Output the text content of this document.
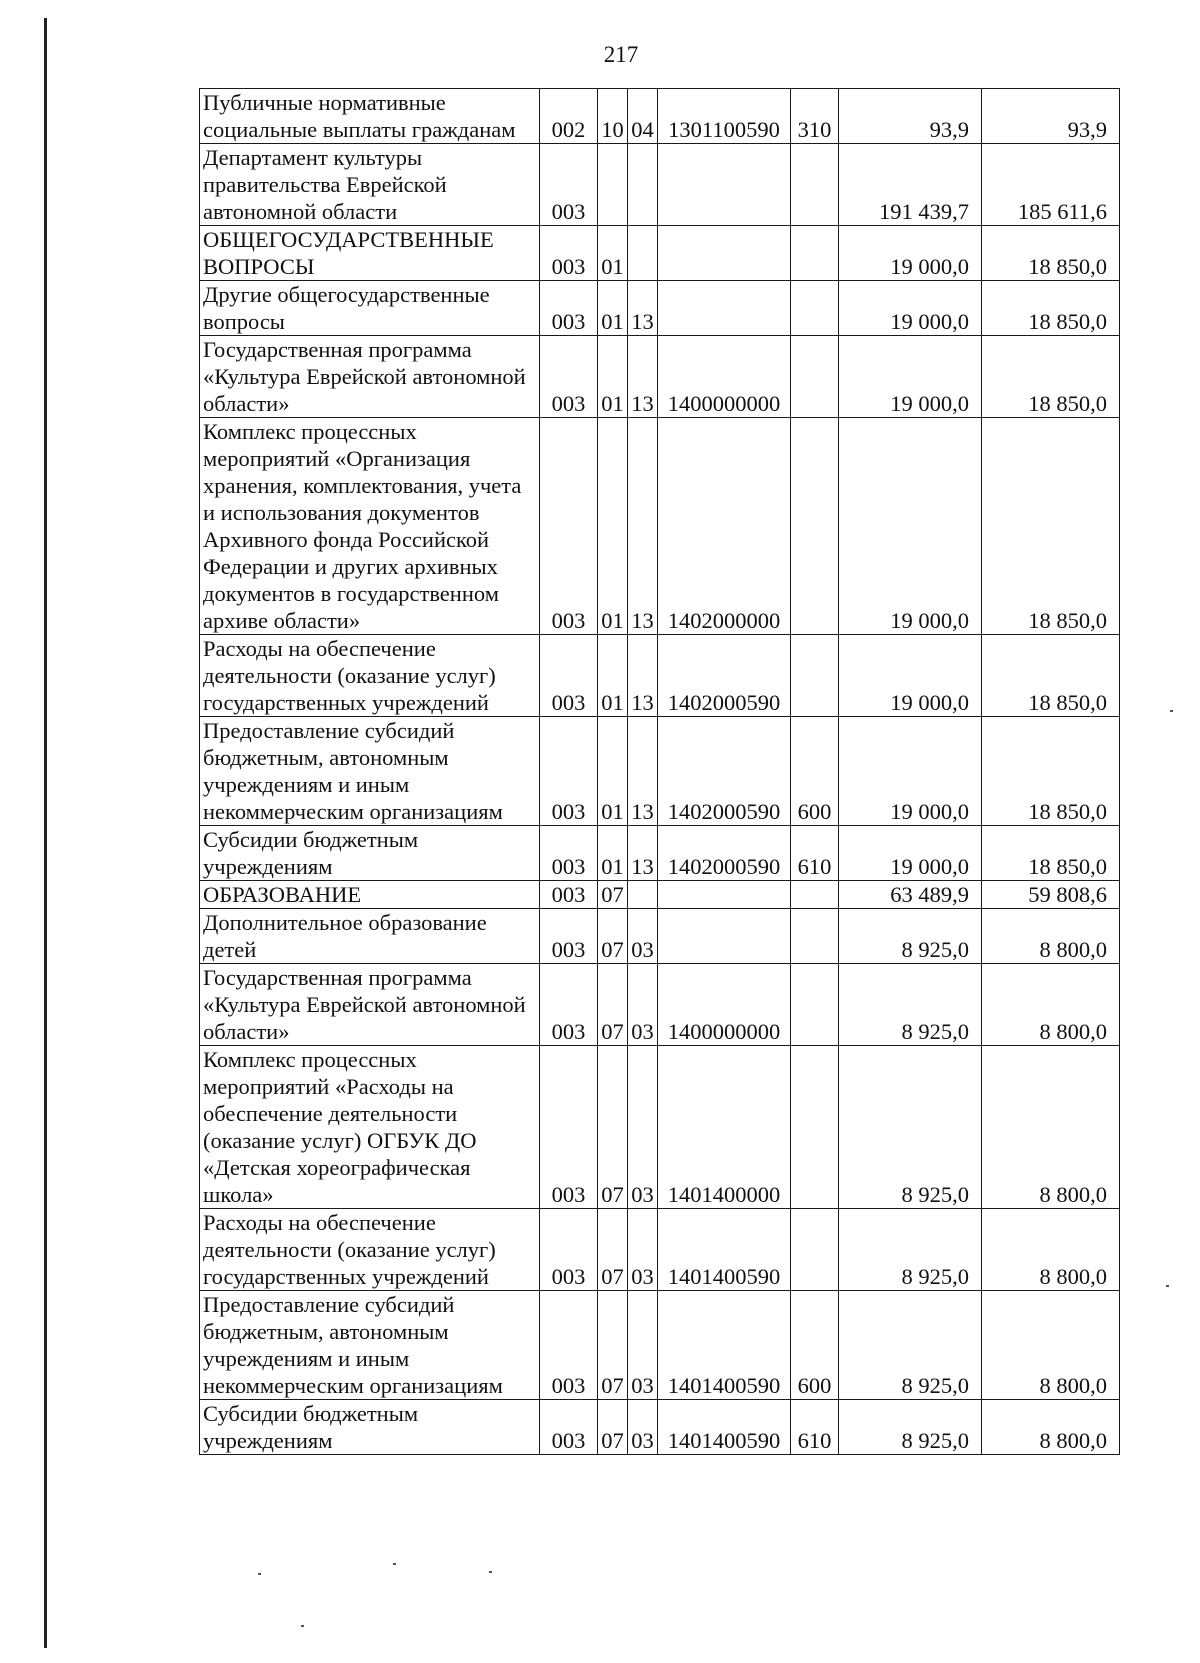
217
Публичные нормативные социальные выплаты гражданам	002	10	04	1301100590	310	93,9	93,9
Департамент культуры правительства Еврейской автономной области	003					191 439,7	185 611,6
ОБЩЕГОСУДАРСТВЕННЫЕ ВОПРОСЫ	003	01				19 000,0	18 850,0
Другие общегосударственные вопросы	003	01	13			19 000,0	18 850,0
Государственная программа «Культура Еврейской автономной области»	003	01	13	1400000000		19 000,0	18 850,0
Комплекс процессных мероприятий «Организация хранения, комплектования, учета и использования документов Архивного фонда Российской Федерации и других архивных документов в государственном архиве области»	003	01	13	1402000000		19 000,0	18 850,0
Расходы на обеспечение деятельности (оказание услуг) государственных учреждений	003	01	13	1402000590		19 000,0	18 850,0
Предоставление субсидий бюджетным, автономным учреждениям и иным некоммерческим организациям	003	01	13	1402000590	600	19 000,0	18 850,0
Субсидии бюджетным учреждениям	003	01	13	1402000590	610	19 000,0	18 850,0
ОБРАЗОВАНИЕ	003	07				63 489,9	59 808,6
Дополнительное образование детей	003	07	03			8 925,0	8 800,0
Государственная программа «Культура Еврейской автономной области»	003	07	03	1400000000		8 925,0	8 800,0
Комплекс процессных мероприятий «Расходы на обеспечение деятельности (оказание услуг) ОГБУК ДО «Детская хореографическая школа»	003	07	03	1401400000		8 925,0	8 800,0
Расходы на обеспечение деятельности (оказание услуг) государственных учреждений	003	07	03	1401400590		8 925,0	8 800,0
Предоставление субсидий бюджетным, автономным учреждениям и иным некоммерческим организациям	003	07	03	1401400590	600	8 925,0	8 800,0
Субсидии бюджетным учреждениям	003	07	03	1401400590	610	8 925,0	8 800,0
